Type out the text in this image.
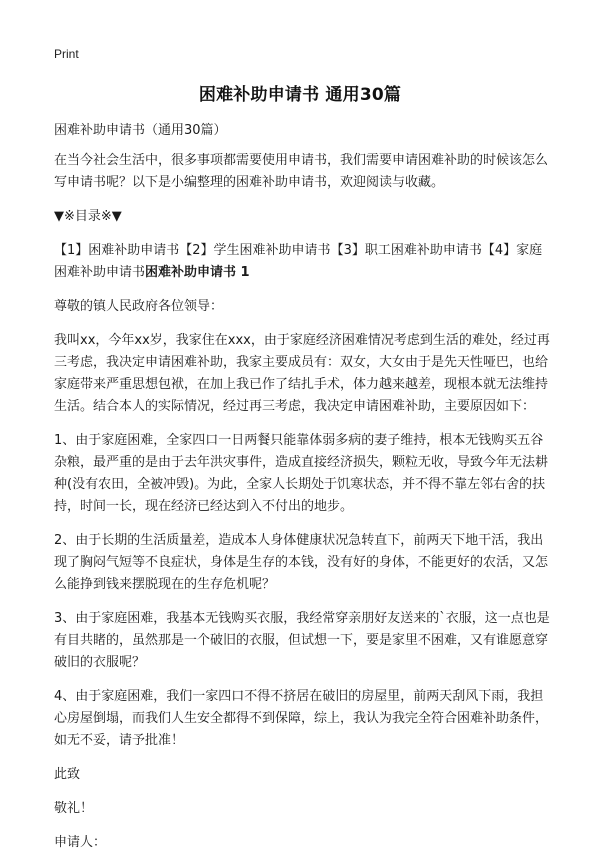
Print
困难补助申请书 通用30篇

困难补助申请书（通用30篇）

在当今社会生活中，很多事项都需要使用申请书，我们需要申请困难补助的时候该怎么写申请书呢？以下是小编整理的困难补助申请书，欢迎阅读与收藏。

▼※目录※▼

【1】困难补助申请书【2】学生困难补助申请书【3】职工困难补助申请书【4】家庭困难补助申请书困难补助申请书 1

尊敬的镇人民政府各位领导：

我叫xx，今年xx岁，我家住在xxx，由于家庭经济困难情况考虑到生活的难处，经过再三考虑，我决定申请困难补助，我家主要成员有：双女，大女由于是先天性哑巴，也给家庭带来严重思想包袱，在加上我已作了结扎手术，体力越来越差，现根本就无法维持生活。结合本人的实际情况，经过再三考虑，我决定申请困难补助，主要原因如下：

1、由于家庭困难，全家四口一日两餐只能靠体弱多病的妻子维持，根本无钱购买五谷杂粮，最严重的是由于去年洪灾事件，造成直接经济损失，颗粒无收，导致今年无法耕种(没有农田，全被冲毁)。为此，全家人长期处于饥寒状态，并不得不靠左邻右舍的扶持，时间一长，现在经济已经达到入不付出的地步。

2、由于长期的生活质量差，造成本人身体健康状况急转直下，前两天下地干活，我出现了胸闷气短等不良症状，身体是生存的本钱，没有好的身体，不能更好的农活，又怎么能挣到钱来摆脱现在的生存危机呢？

3、由于家庭困难，我基本无钱购买衣服，我经常穿亲朋好友送来的`衣服，这一点也是有目共睹的，虽然那是一个破旧的衣服，但试想一下，要是家里不困难，又有谁愿意穿破旧的衣服呢？

4、由于家庭困难，我们一家四口不得不挤居在破旧的房屋里，前两天刮风下雨，我担心房屋倒塌，而我们人生安全都得不到保障，综上，我认为我完全符合困难补助条件，如无不妥，请予批准！

此致

敬礼！

申请人：
